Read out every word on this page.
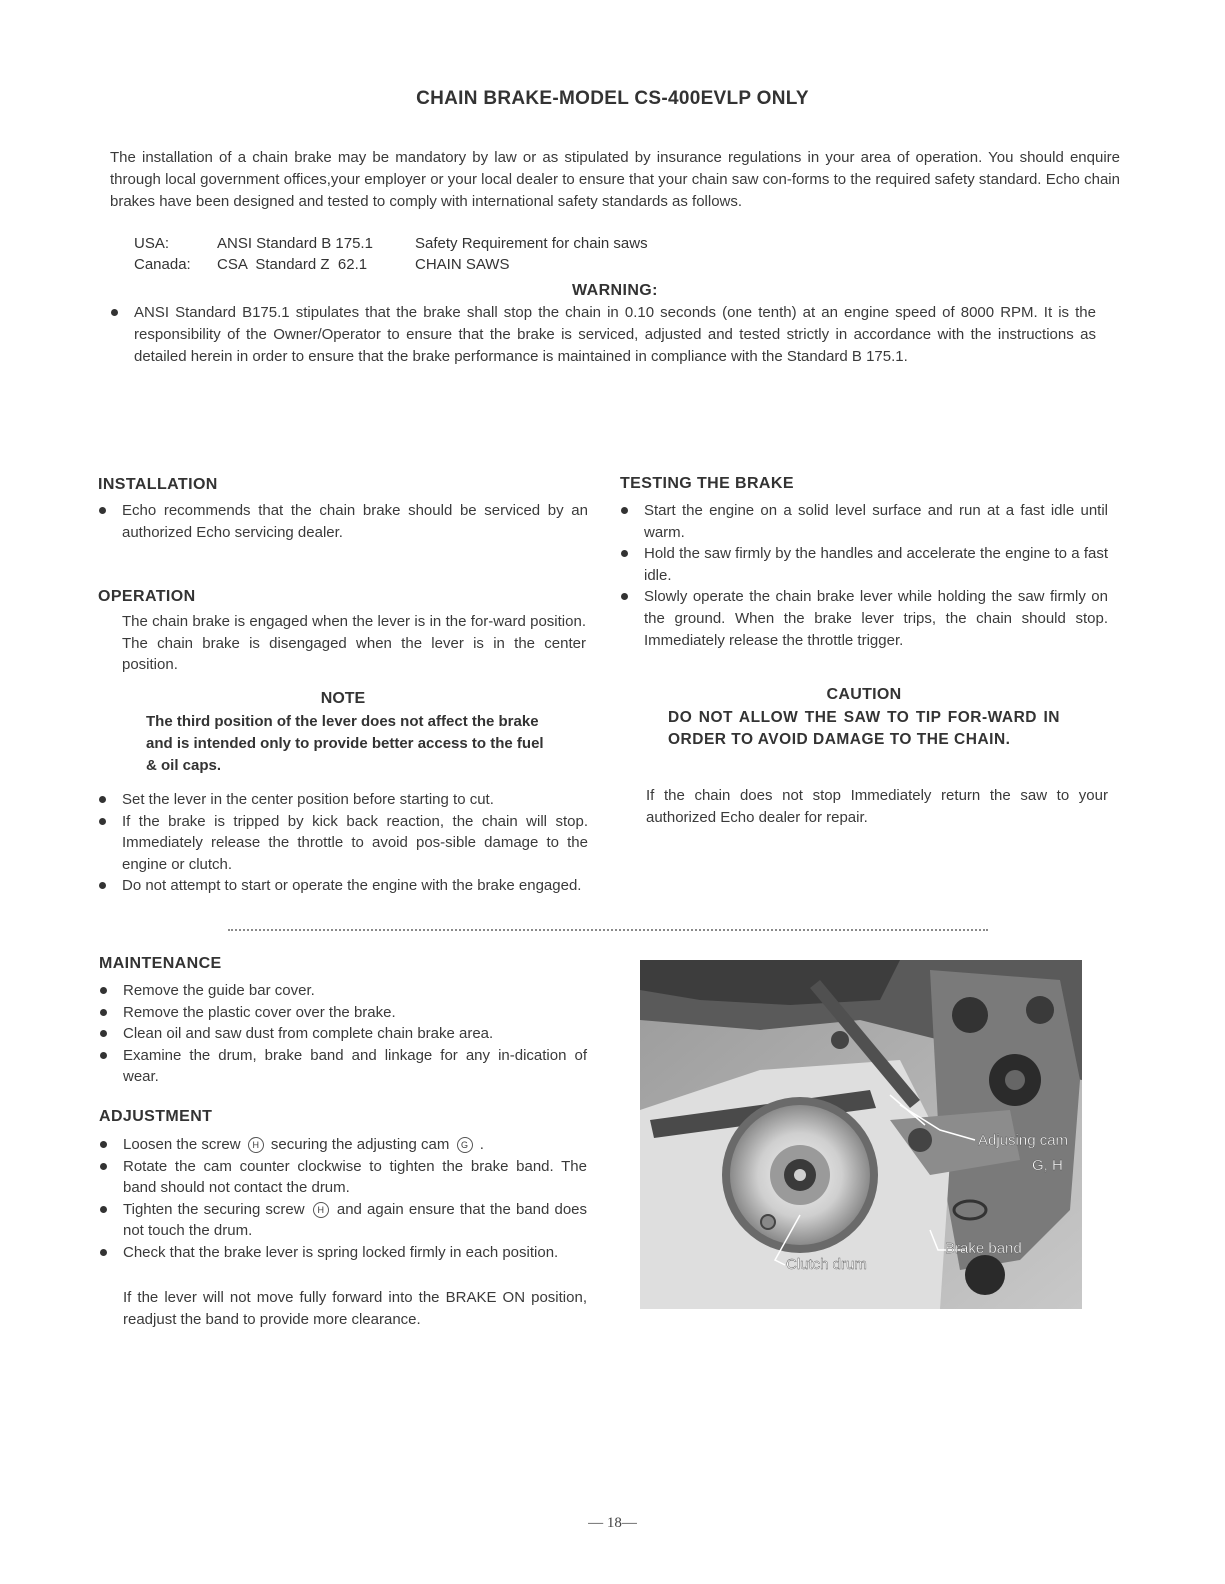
CHAIN BRAKE-MODEL CS-400EVLP ONLY
The installation of a chain brake may be mandatory by law or as stipulated by insurance regulations in your area of operation. You should enquire through local government offices,your employer or your local dealer to ensure that your chain saw con-forms to the required safety standard. Echo chain brakes have been designed and tested to comply with international safety standards as follows.
USA:	ANSI Standard B 175.1	Safety Requirement for chain saws
Canada: CSA  Standard Z  62.1	CHAIN SAWS
WARNING:
ANSI Standard B175.1 stipulates that the brake shall stop the chain in 0.10 seconds (one tenth) at an engine speed of 8000 RPM. It is the responsibility of the Owner/Operator to ensure that the brake is serviced, adjusted and tested strictly in accordance with the instructions as detailed herein in order to ensure that the brake performance is maintained in compliance with the Standard B 175.1.
INSTALLATION
Echo recommends that the chain brake should be serviced by an authorized Echo servicing dealer.
OPERATION
The chain brake is engaged when the lever is in the for-ward position. The chain brake is disengaged when the lever is in the center position.
NOTE
The third position of the lever does not affect the brake and is intended only to provide better access to the fuel & oil caps.
Set the lever in the center position before starting to cut.
If the brake is tripped by kick back reaction, the chain will stop. Immediately release the throttle to avoid pos-sible damage to the engine or clutch.
Do not attempt to start or operate the engine with the brake engaged.
TESTING THE BRAKE
Start the engine on a solid level surface and run at a fast idle until warm.
Hold the saw firmly by the handles and accelerate the engine to a fast idle.
Slowly operate the chain brake lever while holding the saw firmly on the ground. When the brake lever trips, the chain should stop. Immediately release the throttle trigger.
CAUTION
DO NOT ALLOW THE SAW TO TIP FOR-WARD IN ORDER TO AVOID DAMAGE TO THE CHAIN.
If the chain does not stop Immediately return the saw to your authorized Echo dealer for repair.
MAINTENANCE
Remove the guide bar cover.
Remove the plastic cover over the brake.
Clean oil and saw dust from complete chain brake area.
Examine the drum, brake band and linkage for any in-dication of wear.
ADJUSTMENT
Loosen the screw H securing the adjusting cam G .
Rotate the cam counter clockwise to tighten the brake band. The band should not contact the drum.
Tighten the securing screw H and again ensure that the band does not touch the drum.
Check that the brake lever is spring locked firmly in each position.
If the lever will not move fully forward into the BRAKE ON position, readjust the band to provide more clearance.
Adjusing cam
G, H
Brake band
Clutch drum
— 18—
